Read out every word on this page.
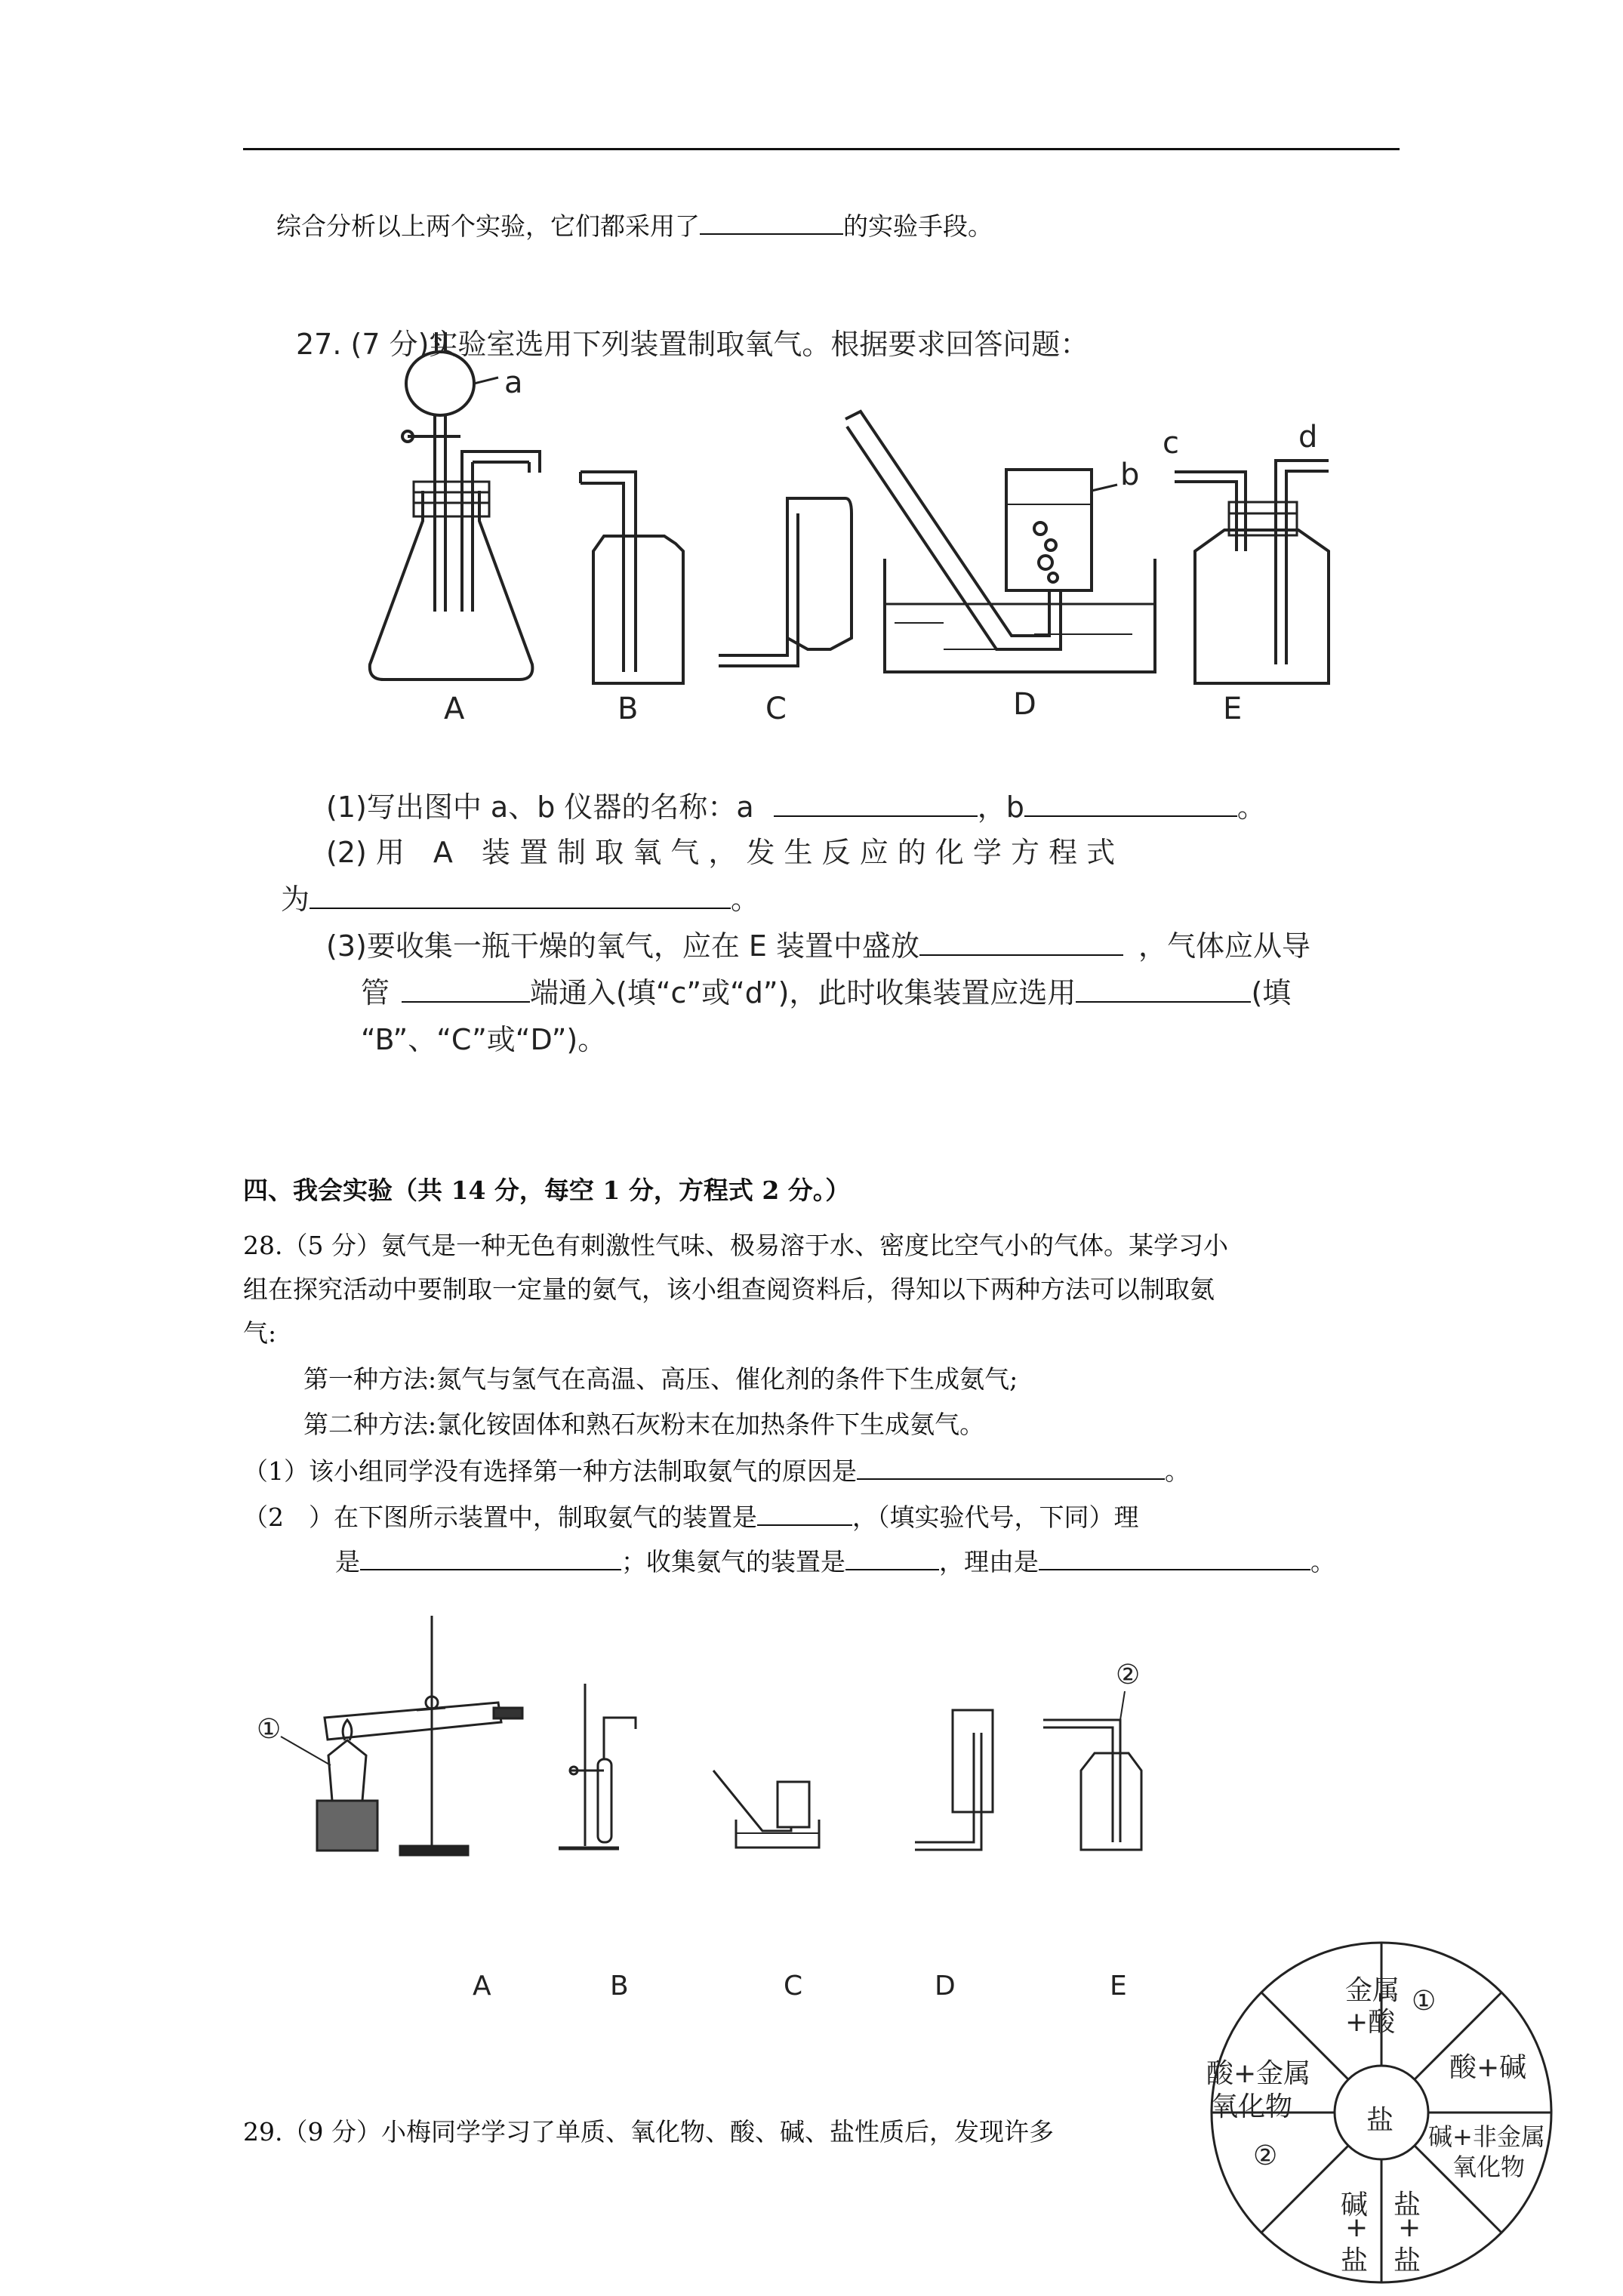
综合分析以上两个实验，它们都采用了	的实验手段。
27. (7 分)实验室选用下列装置制取氧气。根据要求回答问题：
a
b
c	d
A	B	C	D	E
(1)写出图中 a、b 仪器的名称：a	，b	。
(2) 用　A　装 置 制 取 氧 气 ， 发 生 反 应 的 化 学 方 程 式
为	。
(3)要收集一瓶干燥的氧气，应在 E 装置中盛放	，气体应从导
管	端通入(填“c”或“d”)，此时收集装置应选用	(填
“B”、“C”或“D”)。
四、我会实验（共 14 分，每空 1 分，方程式 2 分。）
28.（5 分）氨气是一种无色有刺激性气味、极易溶于水、密度比空气小的气体。某学习小
组在探究活动中要制取一定量的氨气，该小组查阅资料后，得知以下两种方法可以制取氨
气:
第一种方法:氮气与氢气在高温、高压、催化剂的条件下生成氨气;
第二种方法:氯化铵固体和熟石灰粉末在加热条件下生成氨气。
（1）该小组同学没有选择第一种方法制取氨气的原因是	。
（2　）在下图所示装置中，制取氨气的装置是	，（填实验代号，下同）理
是	；收集氨气的装置是	，理由是	。
①
②
A	B	C	D	E
29.（9 分）小梅同学学习了单质、氧化物、酸、碱、盐性质后，发现许多	盐
金属
+酸
①
酸+碱
碱+非金属
氧化物
盐
+
盐
碱
+
盐
②
酸+金属
氧化物
